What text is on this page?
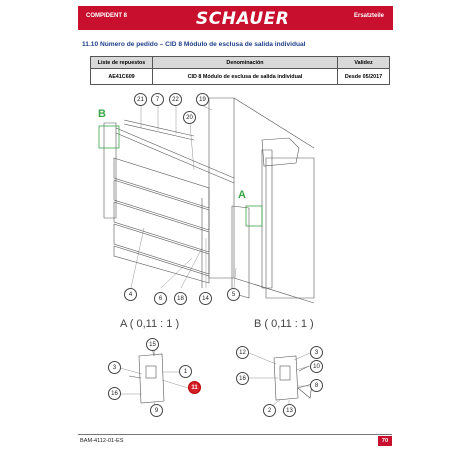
COMPIDENT 8	SCHAUER	Ersatzteile
11.10 Número de pedido – CID 8 Módulo de esclusa de salida individual
Liste de repuestos	Denominación	Validez
AE41C609	CID 8 Módulo de esclusa de salida individual	Desde 05/2017
21	7	22	19
20
4
6	18	14
5
A
B
A ( 0,11 : 1 )	B ( 0,11 : 1 )
15
3
1
16
9
11
12	3
10
16
8
2	13
BAM-4112-01-ES	70
